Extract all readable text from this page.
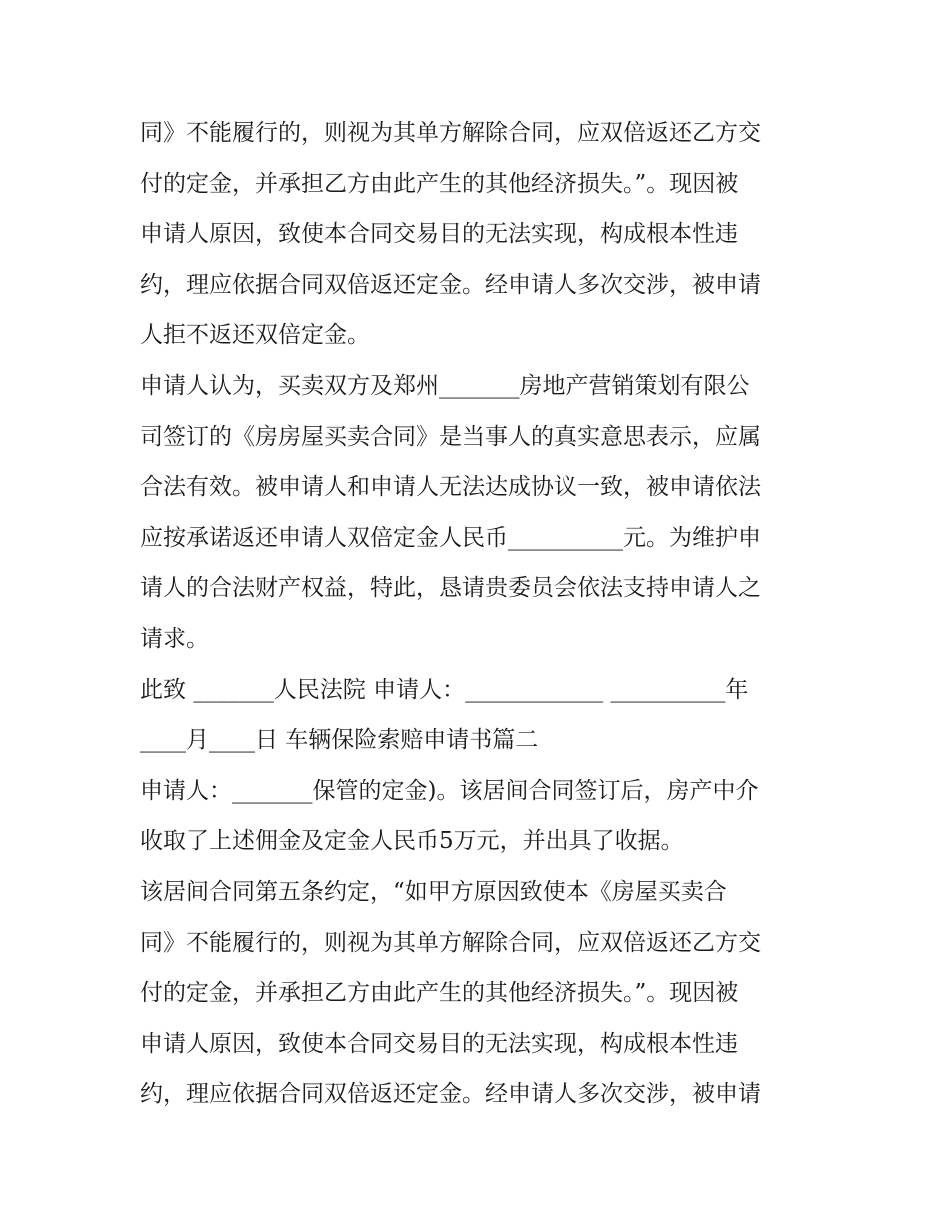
同》不能履行的，则视为其单方解除合同，应双倍返还乙方交
付的定金，并承担乙方由此产生的其他经济损失。”。现因被
申请人原因，致使本合同交易目的无法实现，构成根本性违
约，理应依据合同双倍返还定金。经申请人多次交涉，被申请
人拒不返还双倍定金。
申请人认为，买卖双方及郑州_______房地产营销策划有限公
司签订的《房房屋买卖合同》是当事人的真实意思表示，应属
合法有效。被申请人和申请人无法达成协议一致，被申请依法
应按承诺返还申请人双倍定金人民币__________元。为维护申
请人的合法财产权益，特此，恳请贵委员会依法支持申请人之
请求。
此致 _______人民法院 申请人：____________ __________年
____月____日 车辆保险索赔申请书篇二
申请人：_______保管的定金)。该居间合同签订后，房产中介
收取了上述佣金及定金人民币5万元，并出具了收据。
该居间合同第五条约定，“如甲方原因致使本《房屋买卖合
同》不能履行的，则视为其单方解除合同，应双倍返还乙方交
付的定金，并承担乙方由此产生的其他经济损失。”。现因被
申请人原因，致使本合同交易目的无法实现，构成根本性违
约，理应依据合同双倍返还定金。经申请人多次交涉，被申请
